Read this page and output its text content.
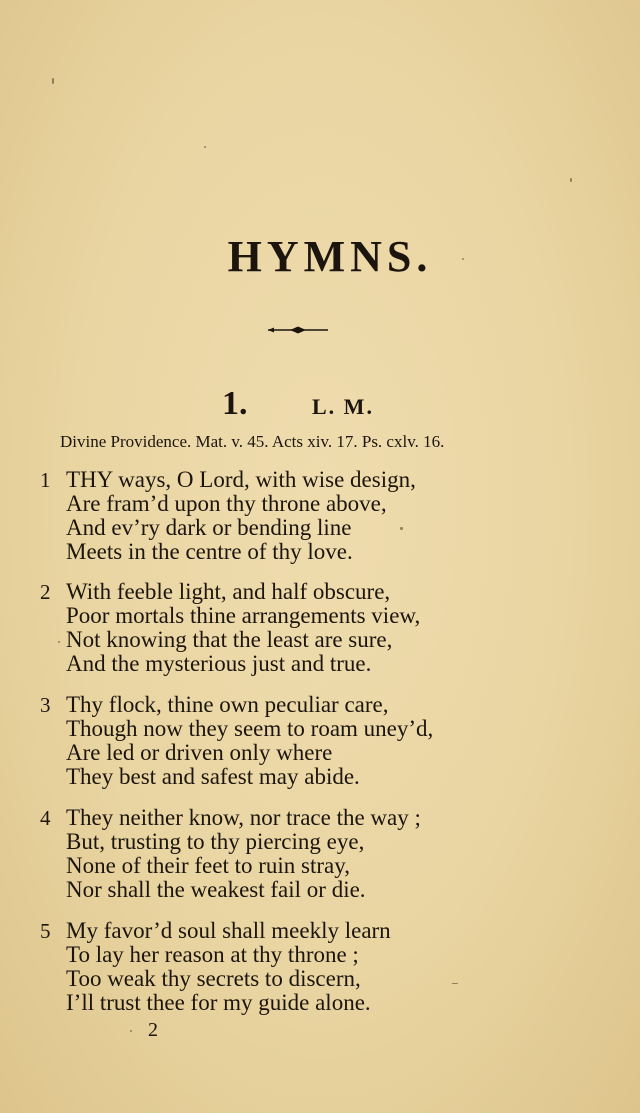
HYMNS.
1.	L. M.
Divine Providence. Mat. v. 45. Acts xiv. 17. Ps. cxlv. 16.
1 THY ways, O Lord, with wise design,
Are fram’d upon thy throne above,
And ev’ry dark or bending line
Meets in the centre of thy love.
2 With feeble light, and half obscure,
Poor mortals thine arrangements view,
Not knowing that the least are sure,
And the mysterious just and true.
3 Thy flock, thine own peculiar care,
Though now they seem to roam uney’d,
Are led or driven only where
They best and safest may abide.
4 They neither know, nor trace the way ;
But, trusting to thy piercing eye,
None of their feet to ruin stray,
Nor shall the weakest fail or die.
5 My favor’d soul shall meekly learn
To lay her reason at thy throne ;
Too weak thy secrets to discern,
I’ll trust thee for my guide alone.
2
